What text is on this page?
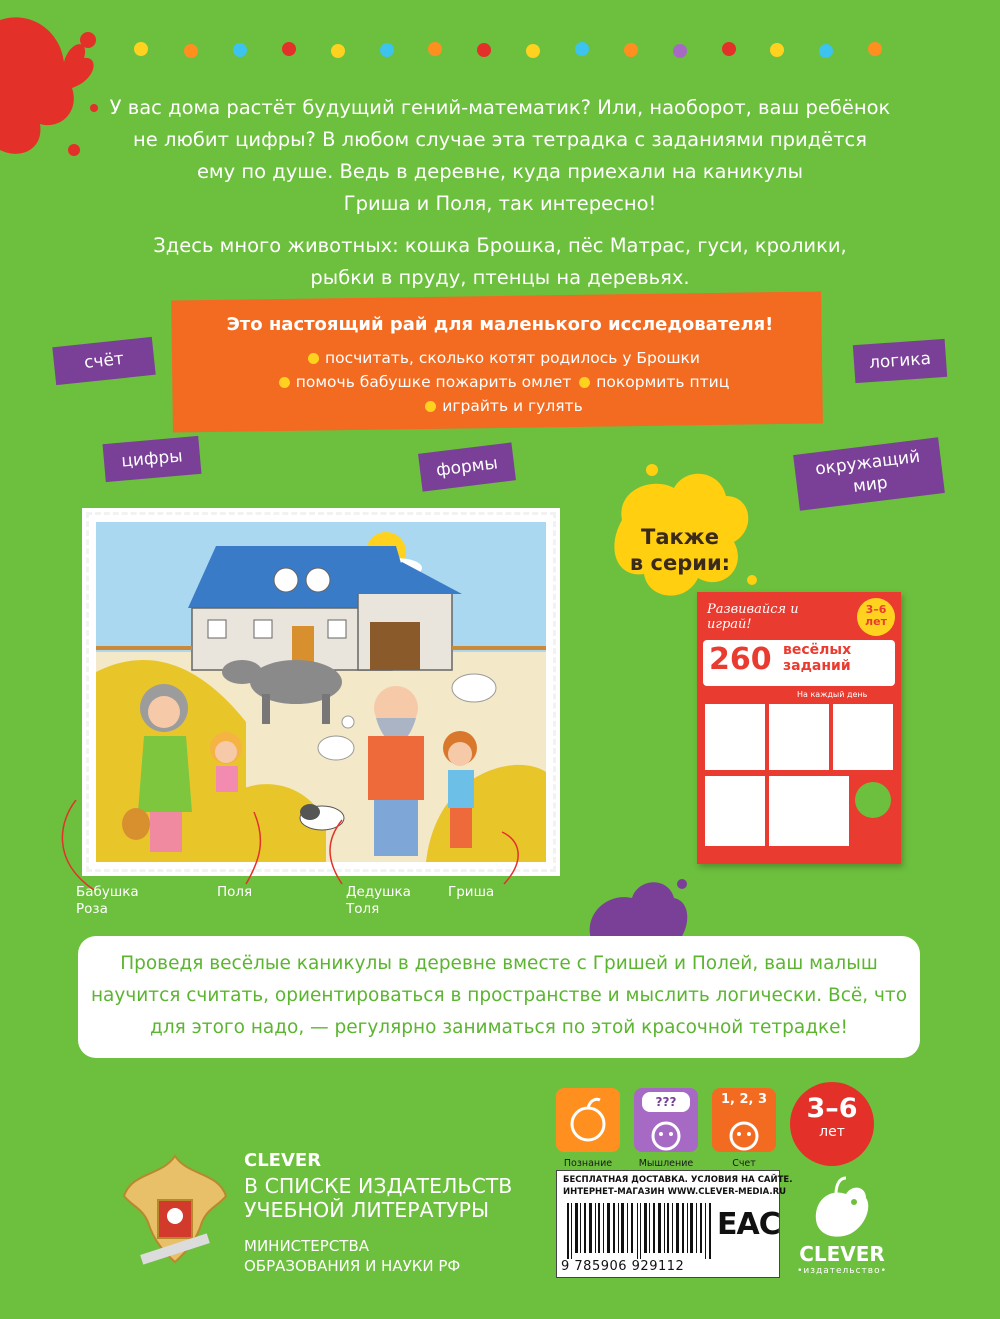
У вас дома растёт будущий гений-математик? Или, наоборот, ваш ребёнок
не любит цифры? В любом случае эта тетрадка с заданиями придётся
ему по душе. Ведь в деревне, куда приехали на каникулы
Гриша и Поля, так интересно!
Здесь много животных: кошка Брошка, пёс Матрас, гуси, кролики,
рыбки в пруду, птенцы на деревьях.
Это настоящий рай для маленького исследователя!
посчитать, сколько котят родилось у Брошки
помочь бабушке пожарить омлет покормить птиц
играйть и гулять
счёт	логика
цифры	формы	окружащий
мир
Бабушка
Роза
Поля	Дедушка
Толя
Гриша
Также
в серии:
Развивайся и играй!
3–6
лет
260 весёлых
заданий
На каждый день
Проведя весёлые каникулы в деревне вместе с Гришей и Полей, ваш малыш
научится считать, ориентироваться в пространстве и мыслить логически. Всё, что
для этого надо, — регулярно заниматься по этой красочной тетрадке!
Познание
???
Мышление
1, 2, 3
Счет
3–6
лет
CLEVER
В СПИСКЕ ИЗДАТЕЛЬСТВ
УЧЕБНОЙ ЛИТЕРАТУРЫ
МИНИСТЕРСТВА
ОБРАЗОВАНИЯ И НАУКИ РФ
БЕСПЛАТНАЯ ДОСТАВКА. УСЛОВИЯ НА САЙТЕ.
ИНТЕРНЕТ-МАГАЗИН WWW.CLEVER-MEDIA.RU
9 785906 929112
EAC
CLEVER
•издательство•
